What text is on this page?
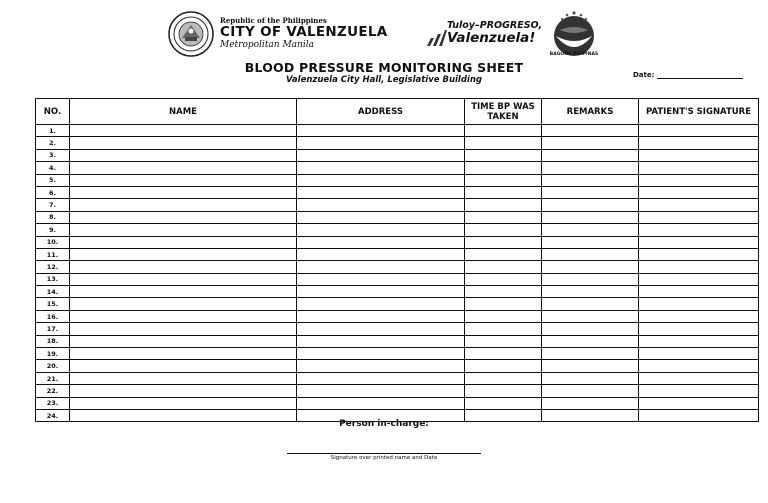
Republic of the Philippines
CITY OF VALENZUELA
Metropolitan Manila
Tuloy–PROGRESO,
Valenzuela!
BAGONG PILIPINAS
BLOOD PRESSURE MONITORING SHEET
Valenzuela City Hall, Legislative Building	Date:
NO.	NAME	ADDRESS	TIME BP WAS TAKEN	REMARKS	PATIENT'S SIGNATURE
1.					
2.					
3.					
4.					
5.					
6.					
7.					
8.					
9.					
10.					
11.					
12.					
13.					
14.					
15.					
16.					
17.					
18.					
19.					
20.					
21.					
22.					
23.					
24.					
Person in-charge:
Signature over printed name and Date
